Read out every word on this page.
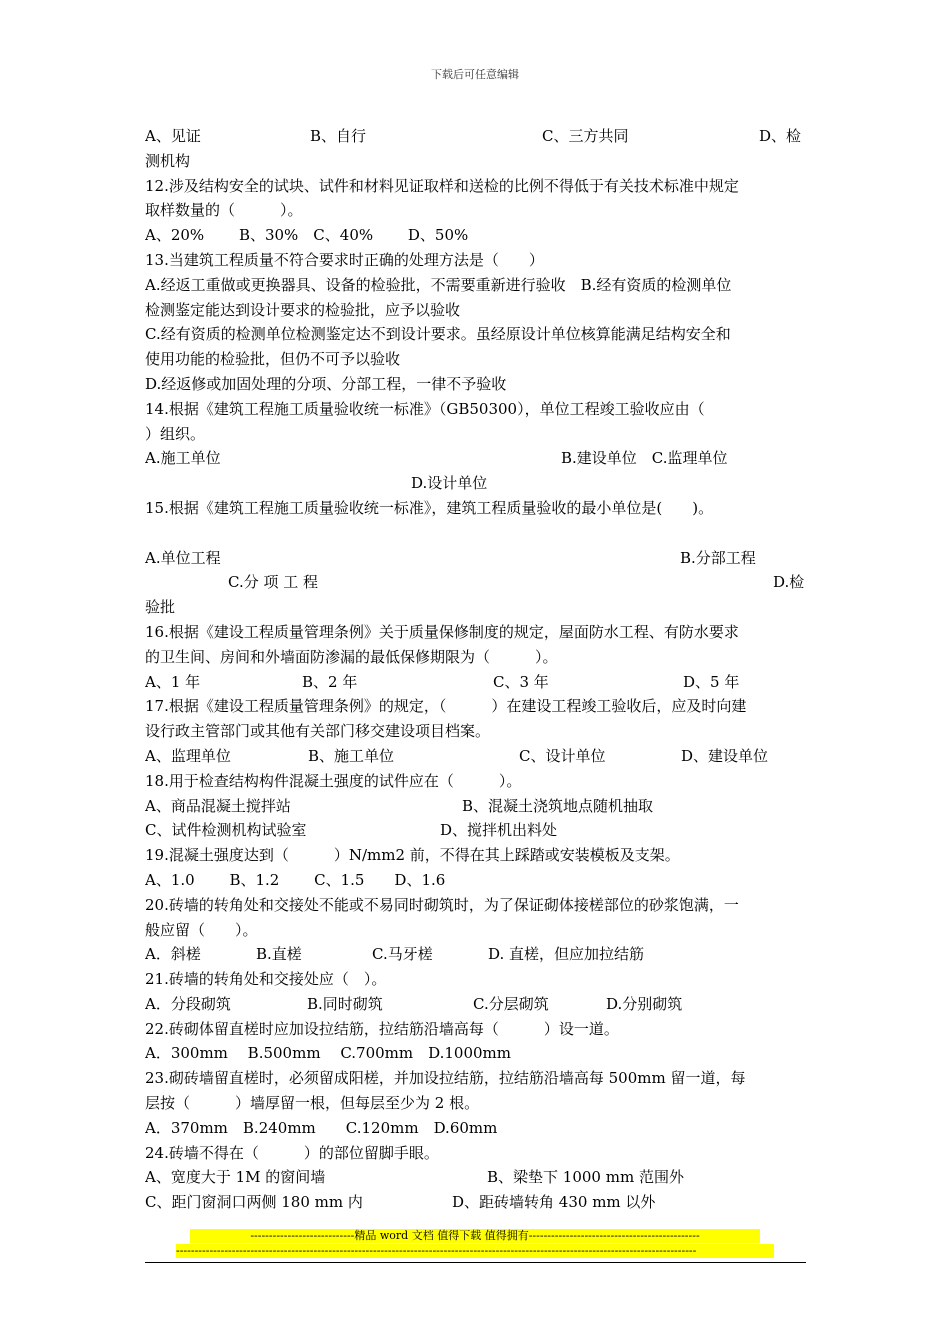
下载后可任意编辑
A、见证	B、自行	C、三方共同	D、检
测机构
12.涉及结构安全的试块、试件和材料见证取样和送检的比例不得低于有关技术标准中规定
取样数量的（　　　）。
A、20%　　 B、30%　C、40%　　 D、50%
13.当建筑工程质量不符合要求时正确的处理方法是（　　）
A.经返工重做或更换器具、设备的检验批，不需要重新进行验收　B.经有资质的检测单位
检测鉴定能达到设计要求的检验批，应予以验收
C.经有资质的检测单位检测鉴定达不到设计要求。虽经原设计单位核算能满足结构安全和
使用功能的检验批，但仍不可予以验收
D.经返修或加固处理的分项、分部工程，一律不予验收
14.根据《建筑工程施工质量验收统一标准》（GB50300），单位工程竣工验收应由（
）组织。
A.施工单位	B.建设单位　C.监理单位
D.设计单位
15.根据《建筑工程施工质量验收统一标准》，建筑工程质量验收的最小单位是(　　)。
A.单位工程	B.分部工程
C.分 项 工 程	D.检
验批
16.根据《建设工程质量管理条例》关于质量保修制度的规定，屋面防水工程、有防水要求
的卫生间、房间和外墙面防渗漏的最低保修期限为（　　　）。
A、1 年	B、2 年	C、3 年	D、5 年
17.根据《建设工程质量管理条例》的规定，（　　　）在建设工程竣工验收后，应及时向建
设行政主管部门或其他有关部门移交建设项目档案。
A、监理单位	B、施工单位	C、设计单位	D、建设单位
18.用于检查结构构件混凝土强度的试件应在（　　　）。
A、商品混凝土搅拌站	B、混凝土浇筑地点随机抽取
C、试件检测机构试验室	D、搅拌机出料处
19.混凝土强度达到（　　　）N/mm2 前，不得在其上踩踏或安装模板及支架。
A、1.0　　 B、1.2　　 C、1.5　　D、1.6
20.砖墙的转角处和交接处不能或不易同时砌筑时，为了保证砌体接槎部位的砂浆饱满，一
般应留（　　）。
A．斜槎	B.直槎	C.马牙槎	D. 直槎，但应加拉结筋
21.砖墙的转角处和交接处应（　）。
A．分段砌筑	B.同时砌筑	C.分层砌筑	D.分别砌筑
22.砖砌体留直槎时应加设拉结筋，拉结筋沿墙高每（　　　）设一道。
A．300mm　 B.500mm　 C.700mm　D.1000mm
23.砌砖墙留直槎时，必须留成阳槎，并加设拉结筋，拉结筋沿墙高每 500mm 留一道，每
层按（　　　）墙厚留一根，但每层至少为 2 根。
A．370mm　B.240mm　　C.120mm　D.60mm
24.砖墙不得在（　　　）的部位留脚手眼。
A、宽度大于 1M 的窗间墙	B、梁垫下 1000 mm 范围外
C、距门窗洞口两侧 180 mm 内	D、距砖墙转角 430 mm 以外
----------------------------精品 word 文档 值得下载 值得拥有----------------------------------------------
--------------------------------------------------------------------------------------------------------------------------------------------
